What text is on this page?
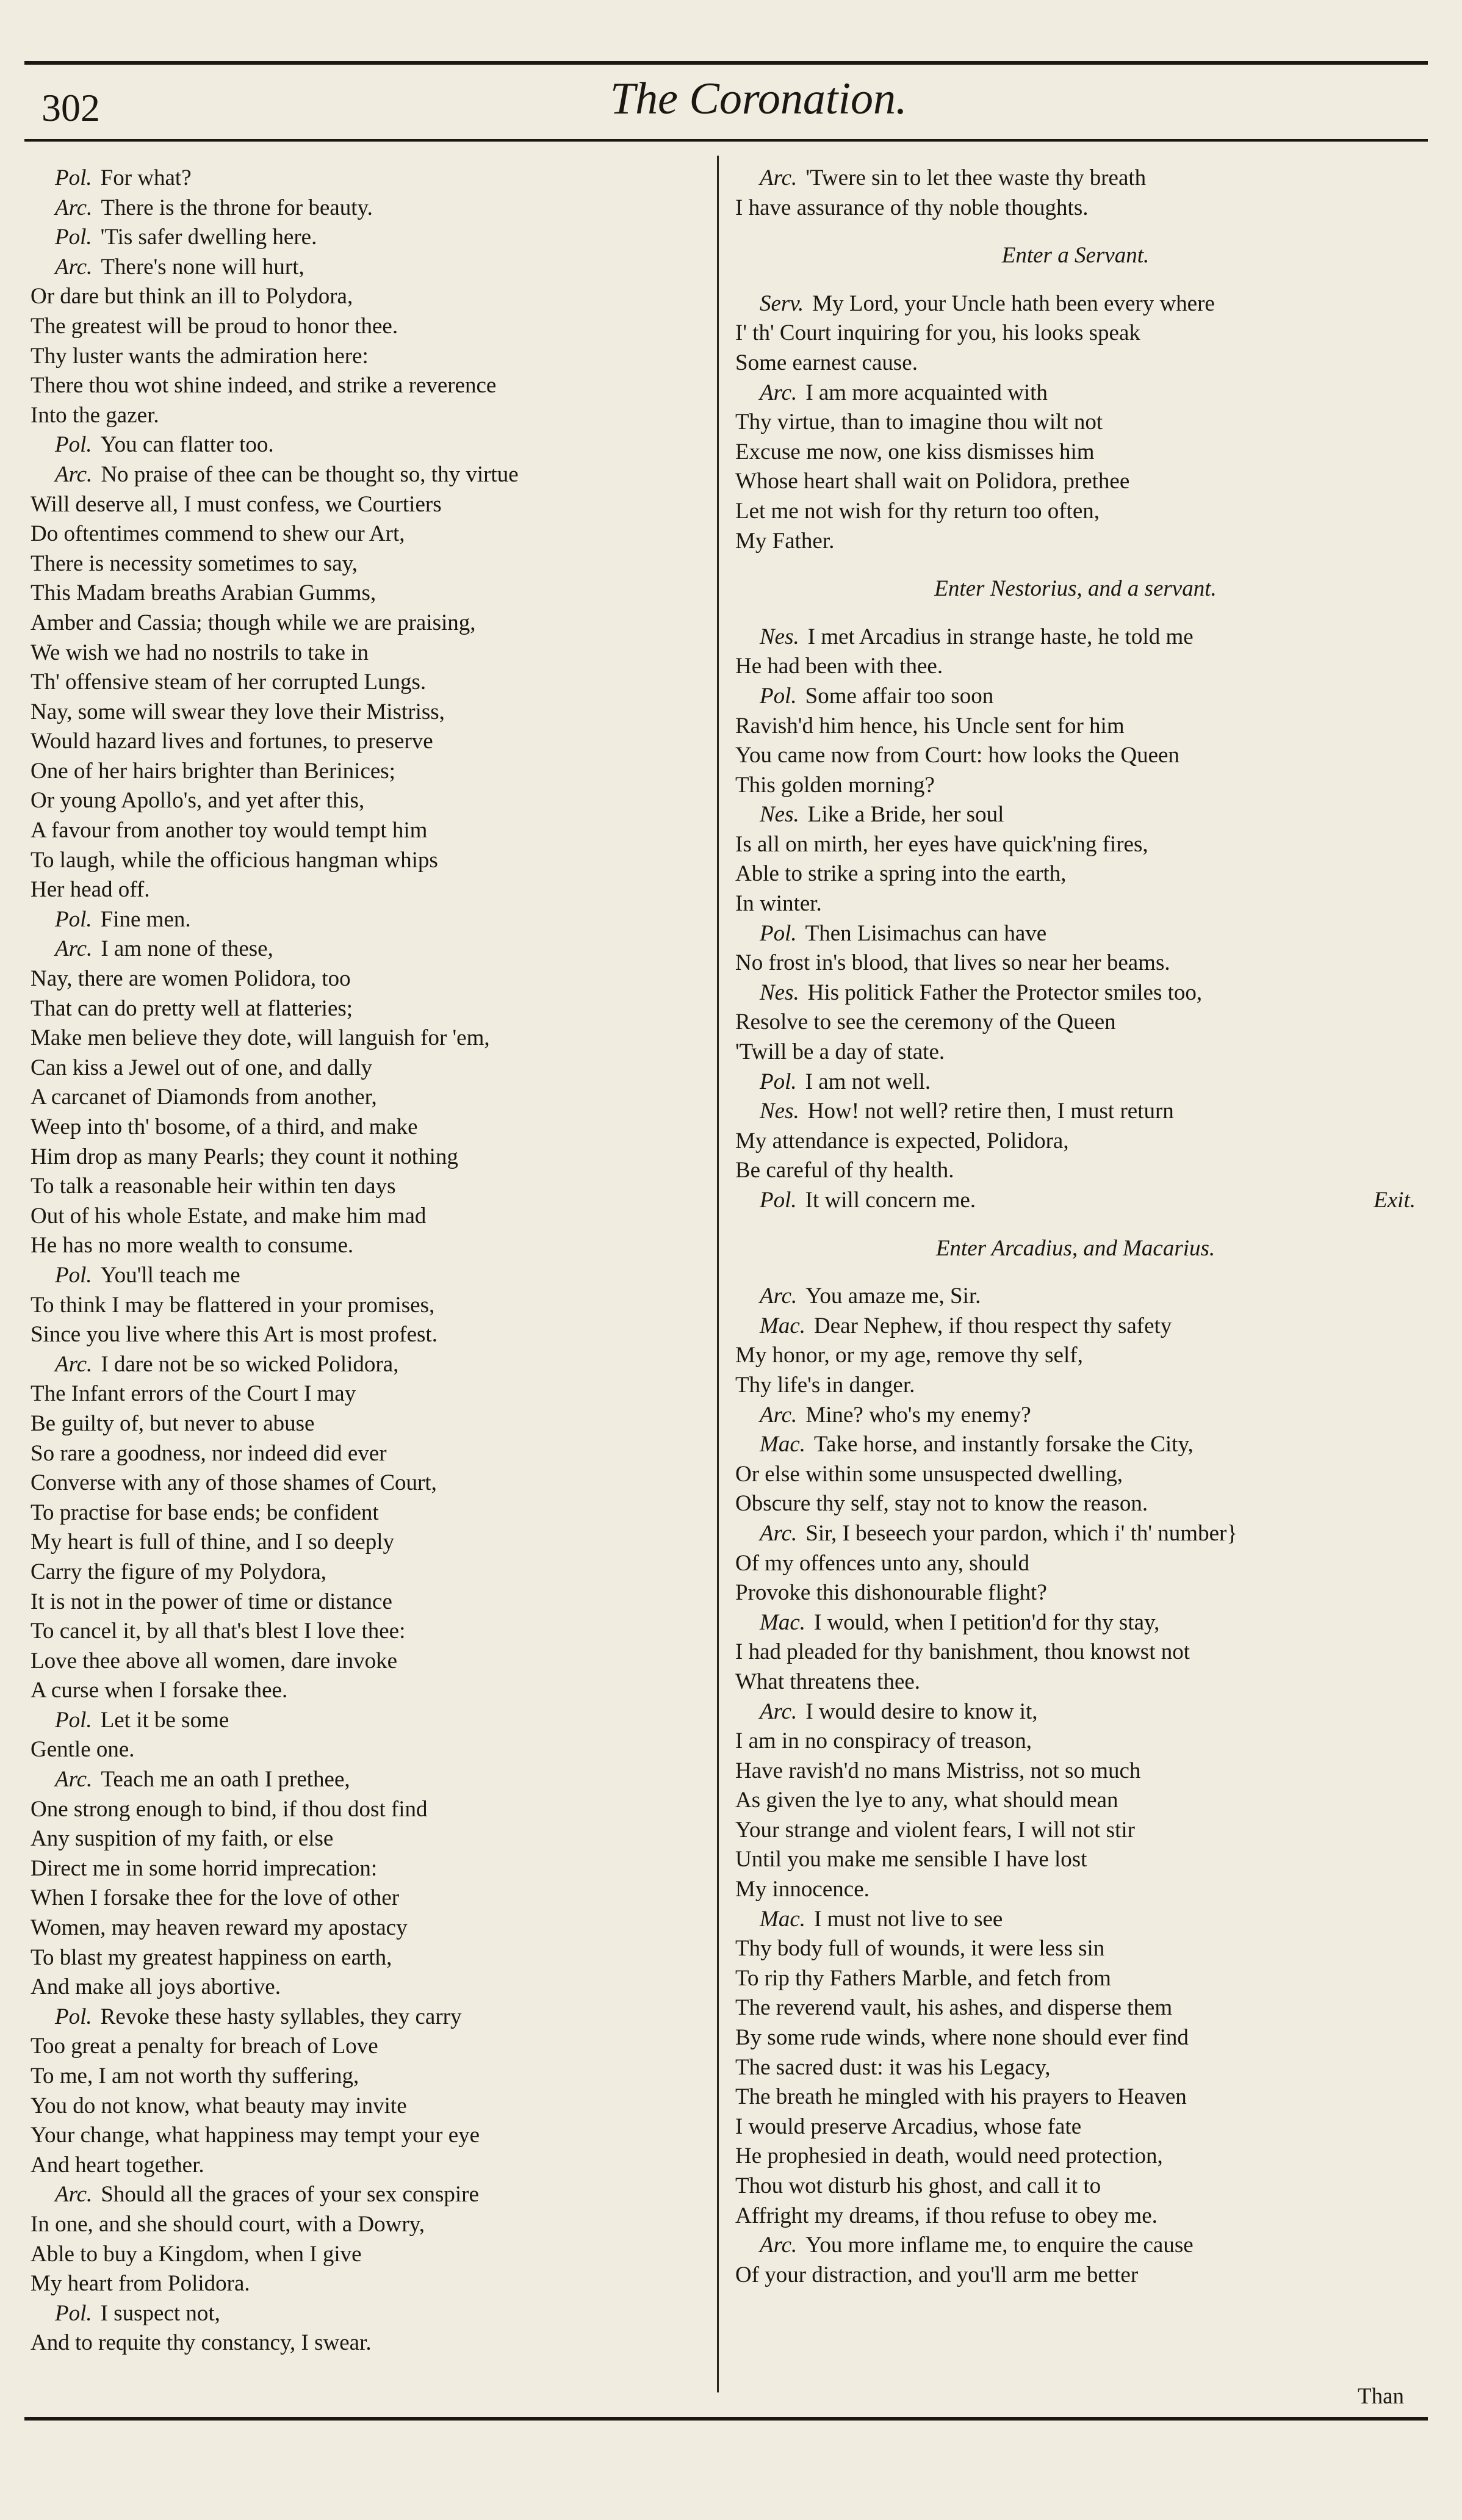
302	The Coronation.
Pol. For what?
Arc. There is the throne for beauty.
Pol. 'Tis safer dwelling here.
Arc. There's none will hurt,
Or dare but think an ill to Polydora,
The greatest will be proud to honor thee.
Thy luster wants the admiration here:
There thou wot shine indeed, and strike a reverence
Into the gazer.
Pol. You can flatter too.
Arc. No praise of thee can be thought so, thy virtue
Will deserve all, I must confess, we Courtiers
Do oftentimes commend to shew our Art,
There is necessity sometimes to say,
This Madam breaths Arabian Gumms,
Amber and Cassia; though while we are praising,
We wish we had no nostrils to take in
Th' offensive steam of her corrupted Lungs.
Nay, some will swear they love their Mistriss,
Would hazard lives and fortunes, to preserve
One of her hairs brighter than Berinices;
Or young Apollo's, and yet after this,
A favour from another toy would tempt him
To laugh, while the officious hangman whips
Her head off.
Pol. Fine men.
Arc. I am none of these,
Nay, there are women Polidora, too
That can do pretty well at flatteries;
Make men believe they dote, will languish for 'em,
Can kiss a Jewel out of one, and dally
A carcanet of Diamonds from another,
Weep into th' bosome, of a third, and make
Him drop as many Pearls; they count it nothing
To talk a reasonable heir within ten days
Out of his whole Estate, and make him mad
He has no more wealth to consume.
Pol. You'll teach me
To think I may be flattered in your promises,
Since you live where this Art is most profest.
Arc. I dare not be so wicked Polidora,
The Infant errors of the Court I may
Be guilty of, but never to abuse
So rare a goodness, nor indeed did ever
Converse with any of those shames of Court,
To practise for base ends; be confident
My heart is full of thine, and I so deeply
Carry the figure of my Polydora,
It is not in the power of time or distance
To cancel it, by all that's blest I love thee:
Love thee above all women, dare invoke
A curse when I forsake thee.
Pol. Let it be some
Gentle one.
Arc. Teach me an oath I prethee,
One strong enough to bind, if thou dost find
Any suspition of my faith, or else
Direct me in some horrid imprecation:
When I forsake thee for the love of other
Women, may heaven reward my apostacy
To blast my greatest happiness on earth,
And make all joys abortive.
Pol. Revoke these hasty syllables, they carry
Too great a penalty for breach of Love
To me, I am not worth thy suffering,
You do not know, what beauty may invite
Your change, what happiness may tempt your eye
And heart together.
Arc. Should all the graces of your sex conspire
In one, and she should court, with a Dowry,
Able to buy a Kingdom, when I give
My heart from Polidora.
Pol. I suspect not,
And to requite thy constancy, I swear.
Arc. 'Twere sin to let thee waste thy breath
I have assurance of thy noble thoughts.
Enter a Servant.
Serv. My Lord, your Uncle hath been every where
I' th' Court inquiring for you, his looks speak
Some earnest cause.
Arc. I am more acquainted with
Thy virtue, than to imagine thou wilt not
Excuse me now, one kiss dismisses him
Whose heart shall wait on Polidora, prethee
Let me not wish for thy return too often,
My Father.
Enter Nestorius, and a servant.
Nes. I met Arcadius in strange haste, he told me
He had been with thee.
Pol. Some affair too soon
Ravish'd him hence, his Uncle sent for him
You came now from Court: how looks the Queen
This golden morning?
Nes. Like a Bride, her soul
Is all on mirth, her eyes have quick'ning fires,
Able to strike a spring into the earth,
In winter.
Pol. Then Lisimachus can have
No frost in's blood, that lives so near her beams.
Nes. His politick Father the Protector smiles too,
Resolve to see the ceremony of the Queen
'Twill be a day of state.
Pol. I am not well.
Nes. How! not well? retire then, I must return
My attendance is expected, Polidora,
Be careful of thy health.
Pol. It will concern me.	Exit.
Enter Arcadius, and Macarius.
Arc. You amaze me, Sir.
Mac. Dear Nephew, if thou respect thy safety
My honor, or my age, remove thy self,
Thy life's in danger.
Arc. Mine? who's my enemy?
Mac. Take horse, and instantly forsake the City,
Or else within some unsuspected dwelling,
Obscure thy self, stay not to know the reason.
Arc. Sir, I beseech your pardon, which i' th' number}
Of my offences unto any, should
Provoke this dishonourable flight?
Mac. I would, when I petition'd for thy stay,
I had pleaded for thy banishment, thou knowst not
What threatens thee.
Arc. I would desire to know it,
I am in no conspiracy of treason,
Have ravish'd no mans Mistriss, not so much
As given the lye to any, what should mean
Your strange and violent fears, I will not stir
Until you make me sensible I have lost
My innocence.
Mac. I must not live to see
Thy body full of wounds, it were less sin
To rip thy Fathers Marble, and fetch from
The reverend vault, his ashes, and disperse them
By some rude winds, where none should ever find
The sacred dust: it was his Legacy,
The breath he mingled with his prayers to Heaven
I would preserve Arcadius, whose fate
He prophesied in death, would need protection,
Thou wot disturb his ghost, and call it to
Affright my dreams, if thou refuse to obey me.
Arc. You more inflame me, to enquire the cause
Of your distraction, and you'll arm me better
Than
